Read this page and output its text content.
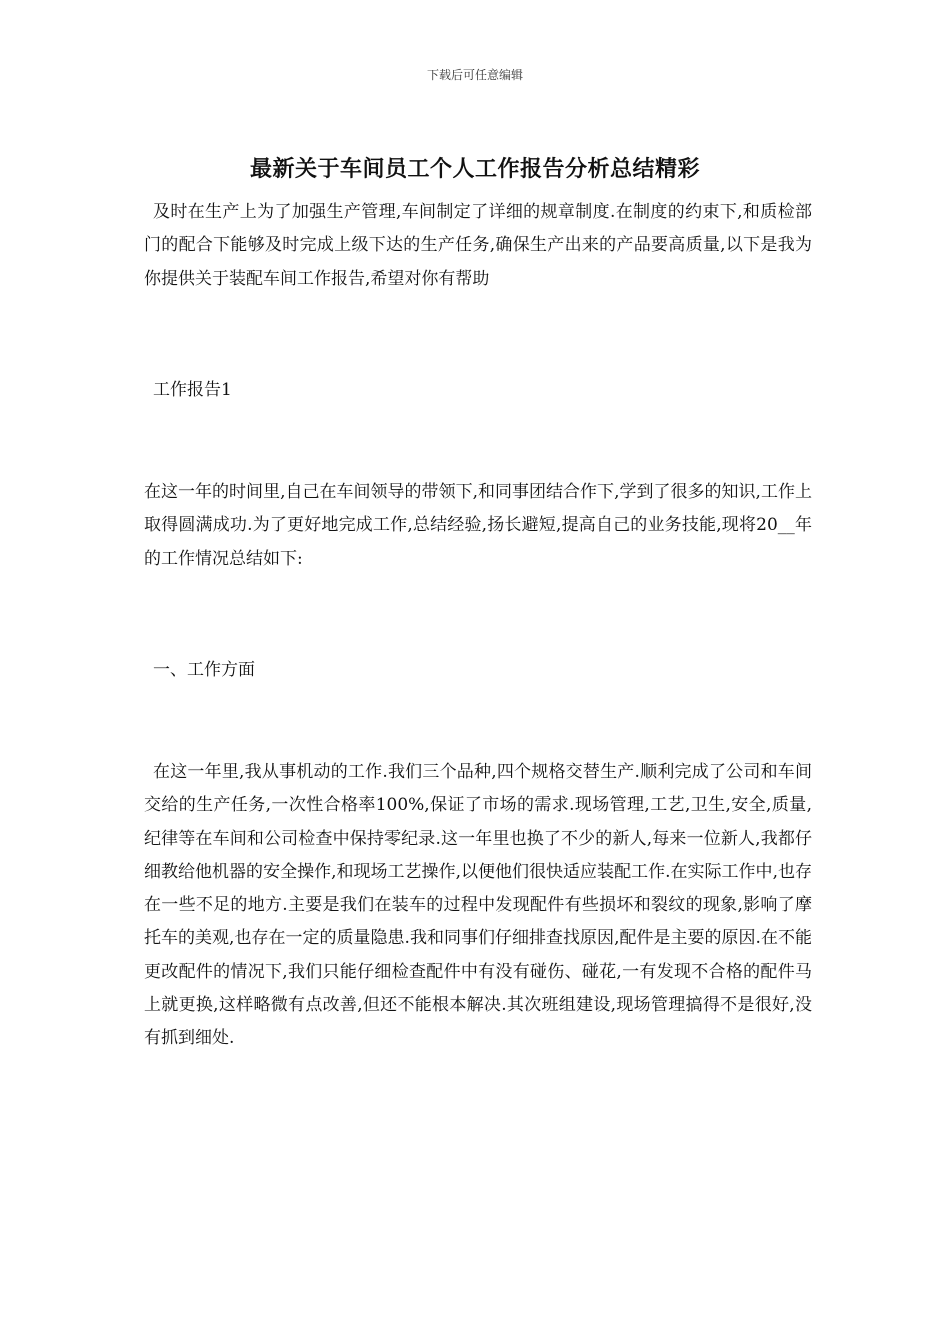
下载后可任意编辑
最新关于车间员工个人工作报告分析总结精彩

及时在生产上为了加强生产管理,车间制定了详细的规章制度.在制度的约束下,和质检部门的配合下能够及时完成上级下达的生产任务,确保生产出来的产品要高质量,以下是我为你提供关于装配车间工作报告,希望对你有帮助

工作报告1

在这一年的时间里,自己在车间领导的带领下,和同事团结合作下,学到了很多的知识,工作上取得圆满成功.为了更好地完成工作,总结经验,扬长避短,提高自己的业务技能,现将20__年的工作情况总结如下:

一、工作方面

在这一年里,我从事机动的工作.我们三个品种,四个规格交替生产.顺利完成了公司和车间交给的生产任务,一次性合格率100%,保证了市场的需求.现场管理,工艺,卫生,安全,质量,纪律等在车间和公司检查中保持零纪录.这一年里也换了不少的新人,每来一位新人,我都仔细教给他机器的安全操作,和现场工艺操作,以便他们很快适应装配工作.在实际工作中,也存在一些不足的地方.主要是我们在装车的过程中发现配件有些损坏和裂纹的现象,影响了摩托车的美观,也存在一定的质量隐患.我和同事们仔细排查找原因,配件是主要的原因.在不能更改配件的情况下,我们只能仔细检查配件中有没有碰伤、碰花,一有发现不合格的配件马上就更换,这样略微有点改善,但还不能根本解决.其次班组建设,现场管理搞得不是很好,没有抓到细处.
